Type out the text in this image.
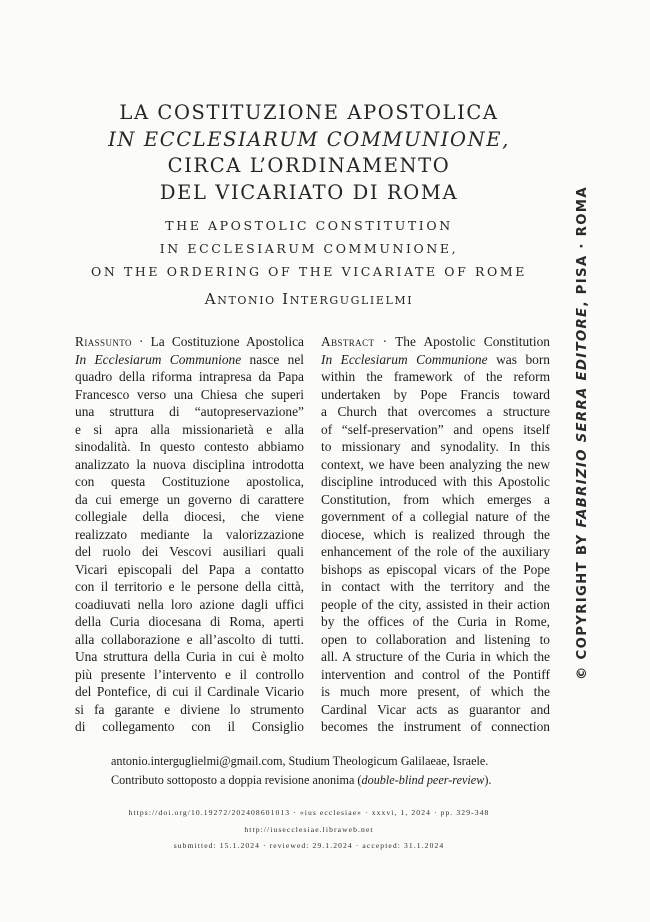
LA COSTITUZIONE APOSTOLICA
IN ECCLESIARUM COMMUNIONE,
CIRCA L’ORDINAMENTO
DEL VICARIATO DI ROMA
THE APOSTOLIC CONSTITUTION
IN ECCLESIARUM COMMUNIONE,
ON THE ORDERING OF THE VICARIATE OF ROME
Antonio Interguglielmi
Riassunto · La Costituzione Apostolica
In Ecclesiarum Communione nasce nel
quadro della riforma intrapresa da Papa
Francesco verso una Chiesa che superi
una struttura di “autopreservazione”
e si apra alla missionarietà e alla
sinodalità. In questo contesto abbiamo
analizzato la nuova disciplina introdotta
con questa Costituzione apostolica,
da cui emerge un governo di carattere
collegiale della diocesi, che viene
realizzato mediante la valorizzazione
del ruolo dei Vescovi ausiliari quali
Vicari episcopali del Papa a contatto
con il territorio e le persone della città,
coadiuvati nella loro azione dagli uffici
della Curia diocesana di Roma, aperti
alla collaborazione e all’ascolto di tutti.
Una struttura della Curia in cui è molto
più presente l’intervento e il controllo
del Pontefice, di cui il Cardinale Vicario
si fa garante e diviene lo strumento
di collegamento con il Consiglio
Abstract · The Apostolic Constitution
In Ecclesiarum Communione was born
within the framework of the reform
undertaken by Pope Francis toward
a Church that overcomes a structure
of “self-preservation” and opens itself
to missionary and synodality. In this
context, we have been analyzing the new
discipline introduced with this Apostolic
Constitution, from which emerges a
government of a collegial nature of the
diocese, which is realized through the
enhancement of the role of the auxiliary
bishops as episcopal vicars of the Pope
in contact with the territory and the
people of the city, assisted in their action
by the offices of the Curia in Rome,
open to collaboration and listening to
all. A structure of the Curia in which the
intervention and control of the Pontiff
is much more present, of which the
Cardinal Vicar acts as guarantor and
becomes the instrument of connection
antonio.interguglielmi@gmail.com, Studium Theologicum Galilaeae, Israele.
Contributo sottoposto a doppia revisione anonima (double-blind peer-review).
https://doi.org/10.19272/202408601013 · «ius ecclesiae» · xxxvi, 1, 2024 · pp. 329-348
http://iusecclesiae.libraweb.net
submitted: 15.1.2024 · reviewed: 29.1.2024 · accepted: 31.1.2024
© COPYRIGHT BY FABRIZIO SERRA EDITORE, PISA · ROMA
